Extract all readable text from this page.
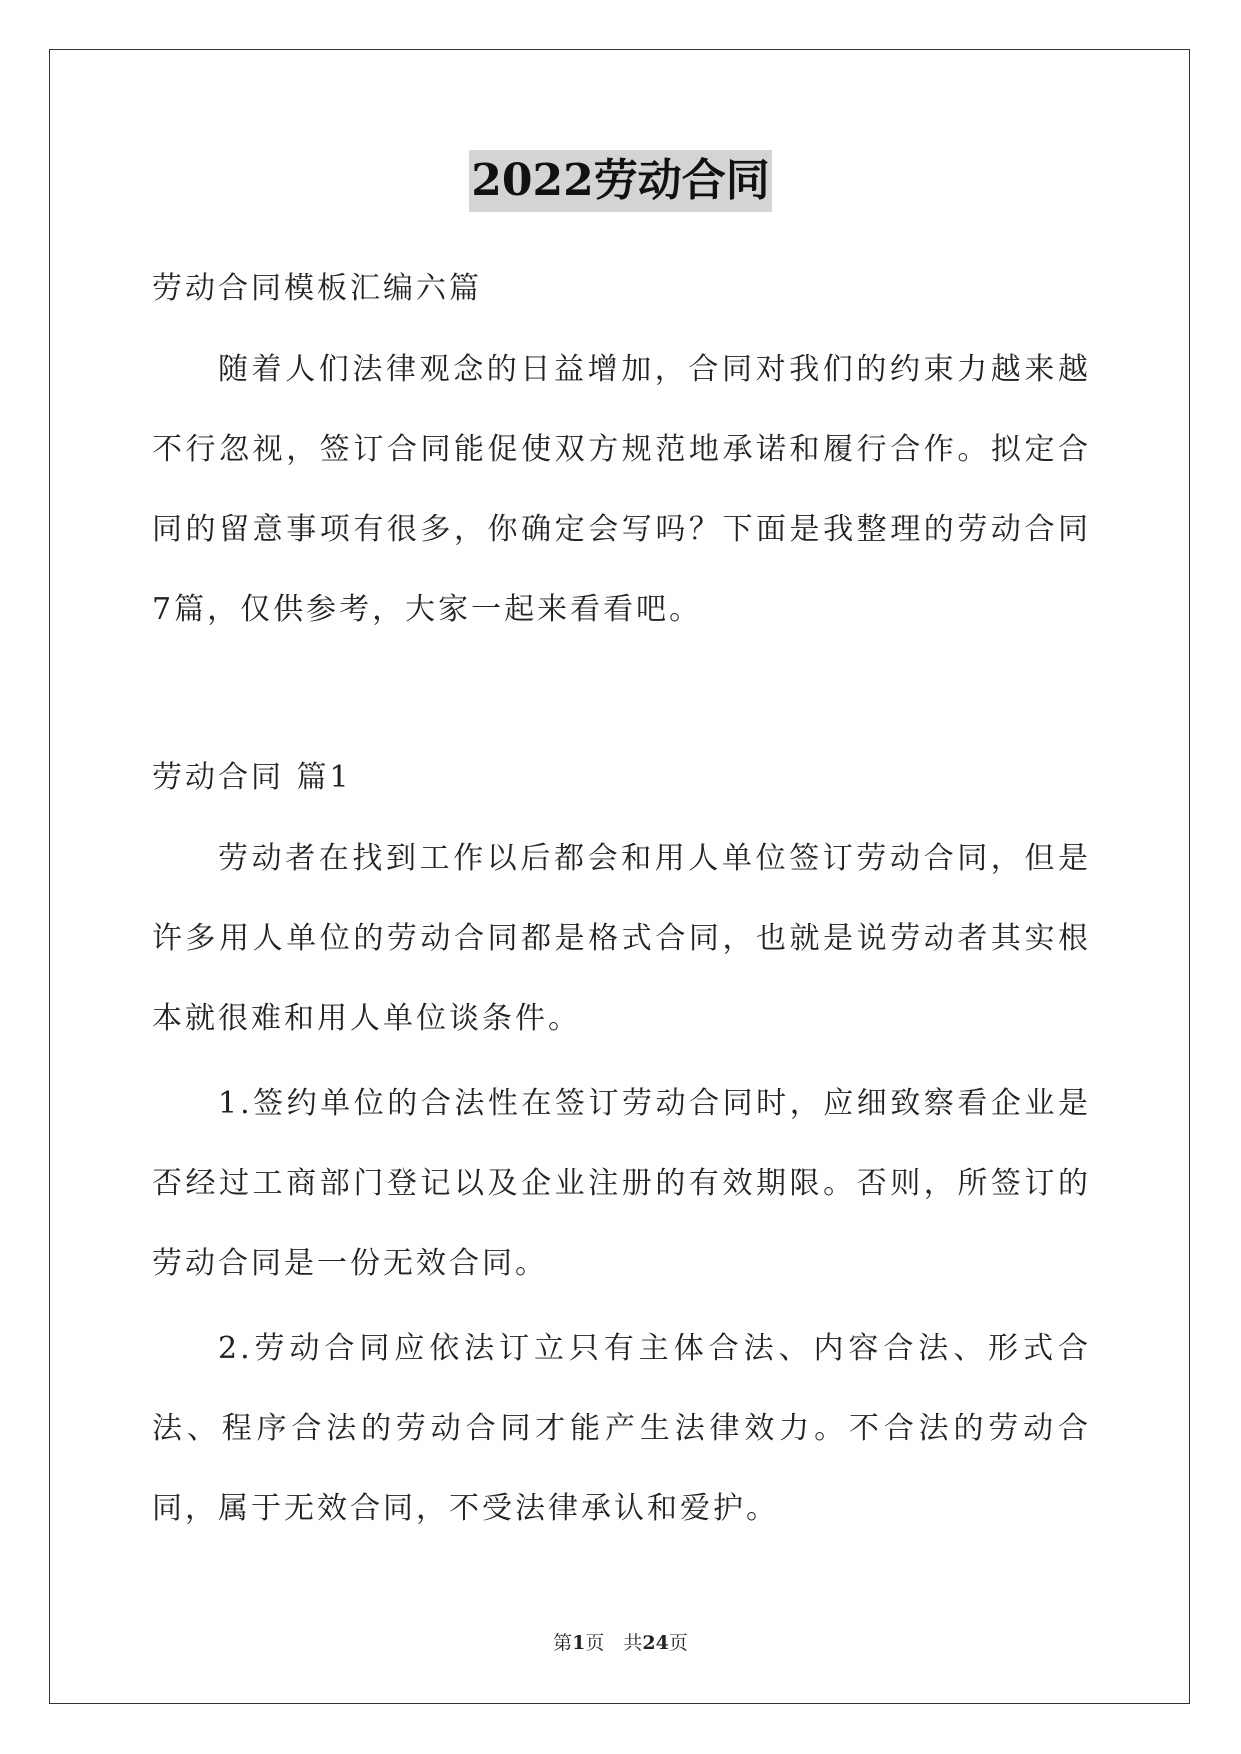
2022劳动合同

劳动合同模板汇编六篇

随着人们法律观念的日益增加，合同对我们的约束力越来越不行忽视，签订合同能促使双方规范地承诺和履行合作。拟定合同的留意事项有很多，你确定会写吗？下面是我整理的劳动合同7篇，仅供参考，大家一起来看看吧。

劳动合同 篇1

劳动者在找到工作以后都会和用人单位签订劳动合同，但是许多用人单位的劳动合同都是格式合同，也就是说劳动者其实根本就很难和用人单位谈条件。

1.签约单位的合法性在签订劳动合同时，应细致察看企业是否经过工商部门登记以及企业注册的有效期限。否则，所签订的劳动合同是一份无效合同。

2.劳动合同应依法订立只有主体合法、内容合法、形式合法、程序合法的劳动合同才能产生法律效力。不合法的劳动合同，属于无效合同，不受法律承认和爱护。

第1页　共24页
